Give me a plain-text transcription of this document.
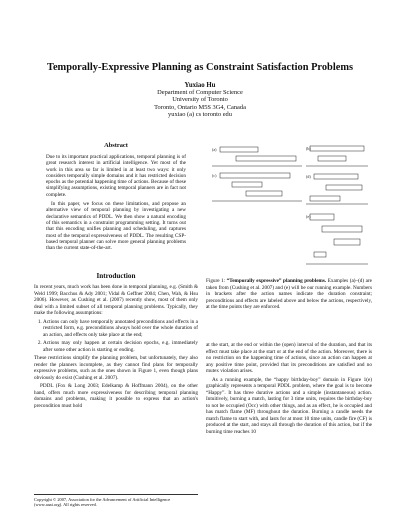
Temporally-Expressive Planning as Constraint Satisfaction Problems
Yuxiao Hu
Department of Computer Science
University of Toronto
Toronto, Ontario M5S 3G4, Canada
yuxiao (a) cs toronto edu
Abstract

Due to its important practical applications, temporal planning is of great research interest in artificial intelligence. Yet most of the work in this area so far is limited in at least two ways: it only considers temporally simple domains and it has restricted decision epochs as the potential happening time of actions. Because of these simplifying assumptions, existing temporal planners are in fact not complete.

In this paper, we focus on these limitations, and propose an alternative view of temporal planning by investigating a new declarative semantics of PDDL. We then show a natural encoding of this semantics in a constraint programming setting. It turns out that this encoding unifies planning and scheduling, and captures most of the temporal expressiveness of PDDL. The resulting CSP-based temporal planner can solve more general planning problems than the current state-of-the-art.

Introduction

In recent years, much work has been done in temporal planning, e.g. (Smith & Weld 1999; Bacchus & Ady 2001; Vidal & Geffner 2004; Chen, Wah, & Hsu 2006). However, as Cushing et al. (2007) recently show, most of them only deal with a limited subset of all temporal planning problems. Typically, they make the following assumptions:

1. Actions can only have temporally annotated preconditions and effects in a restricted form, e.g. preconditions always hold over the whole duration of an action, and effects only take place at the end;
2. Actions may only happen at certain decision epochs, e.g. immediately after some other action is starting or ending.

These restrictions simplify the planning problem, but unfortunately, they also render the planners incomplete, as they cannot find plans for temporally expressive problems, such as the ones shown in Figure 1, even though plans obviously do exist (Cushing et al. 2007).

PDDL (Fox & Long 2003; Edelkamp & Hoffmann 2004), on the other hand, offers much more expressiveness for describing temporal planning domains and problems, making it possible to express that an action's precondition must hold

Copyright © 2007, Association for the Advancement of Artificial Intelligence (www.aaai.org). All rights reserved.
(a)	(b)
(c)	(d)
(e)
Figure 1: “Temporally expressive” planning problems. Examples (a)–(d) are taken from (Cushing et al. 2007) and (e) will be our running example. Numbers in brackets after the action names indicate the duration constraint; preconditions and effects are labeled above and below the actions, respectively, at the time points they are enforced.

at the start, at the end or within the (open) interval of the duration, and that its effect must take place at the start or at the end of the action. Moreover, there is no restriction on the happening time of actions, since an action can happen at any positive time point, provided that its preconditions are satisfied and no mutex violation arises.

As a running example, the “happy birthday-boy” domain in Figure 1(e) graphically represents a temporal PDDL problem, where the goal is to become “Happy”. It has three durative actions and a simple (instantaneous) action. Intuitively, burning a match, lasting for 3 time units, requires the birthday-boy to not be occupied (Occ) with other things, and as an effect, he is occupied and has match flame (MF) throughout the duration. Burning a candle needs the match flame to start with, and lasts for at most 10 time units, candle fire (CF) is produced at the start, and stays all through the duration of this action, but if the burning time reaches 10
